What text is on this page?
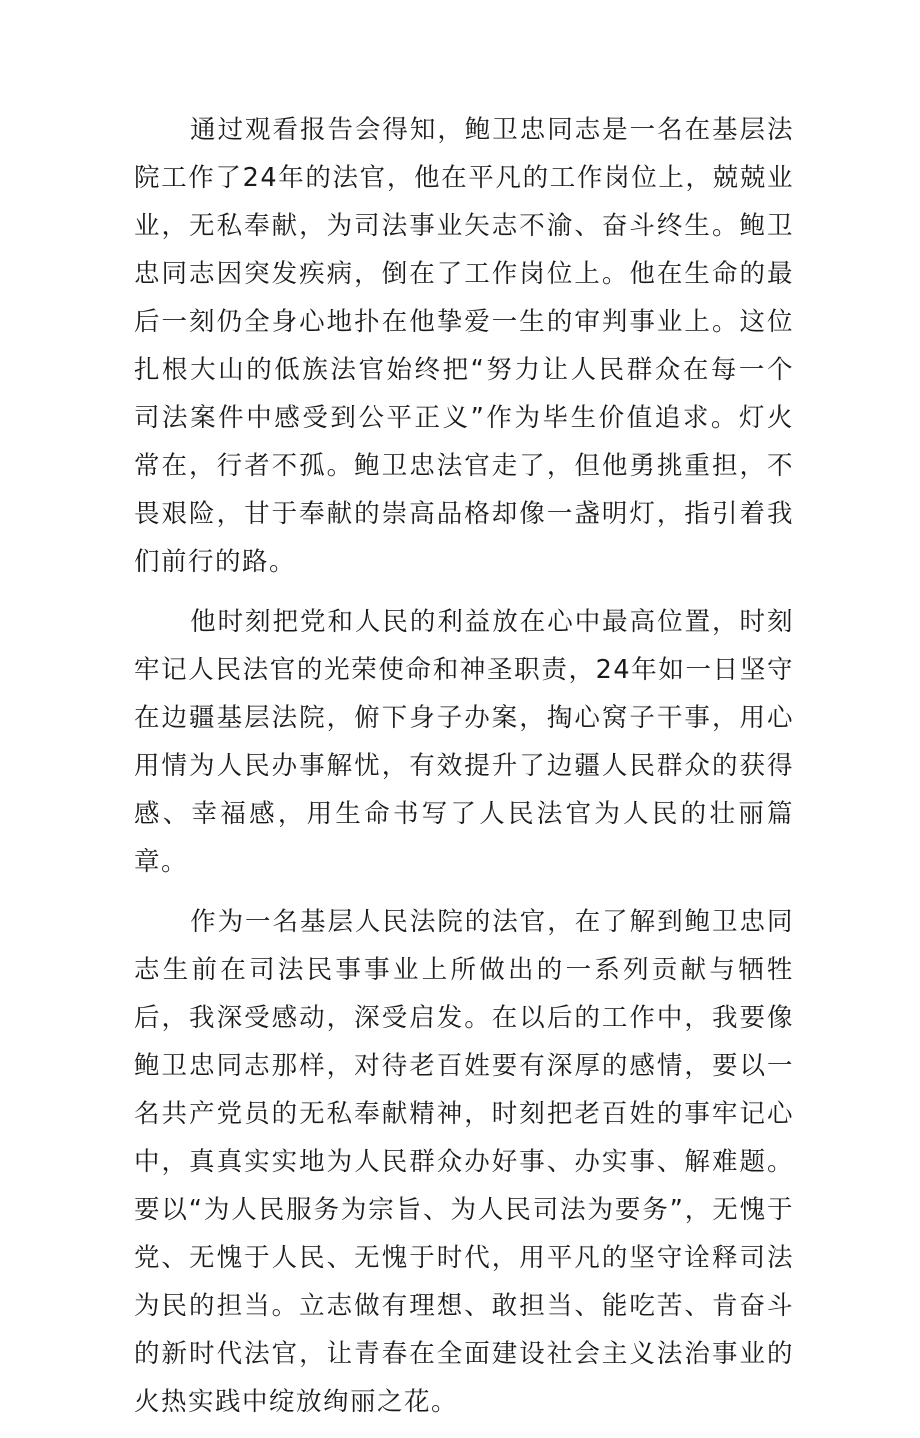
通过观看报告会得知，鲍卫忠同志是一名在基层法院工作了24年的法官，他在平凡的工作岗位上，兢兢业业，无私奉献，为司法事业矢志不渝、奋斗终生。鲍卫忠同志因突发疾病，倒在了工作岗位上。他在生命的最后一刻仍全身心地扑在他挚爱一生的审判事业上。这位扎根大山的低族法官始终把“努力让人民群众在每一个司法案件中感受到公平正义”作为毕生价值追求。灯火常在，行者不孤。鲍卫忠法官走了，但他勇挑重担，不畏艰险，甘于奉献的崇高品格却像一盏明灯，指引着我们前行的路。

他时刻把党和人民的利益放在心中最高位置，时刻牢记人民法官的光荣使命和神圣职责，24年如一日坚守在边疆基层法院，俯下身子办案，掏心窝子干事，用心用情为人民办事解忧，有效提升了边疆人民群众的获得感、幸福感，用生命书写了人民法官为人民的壮丽篇章。

作为一名基层人民法院的法官，在了解到鲍卫忠同志生前在司法民事事业上所做出的一系列贡献与牺牲后，我深受感动，深受启发。在以后的工作中，我要像鲍卫忠同志那样，对待老百姓要有深厚的感情，要以一名共产党员的无私奉献精神，时刻把老百姓的事牢记心中，真真实实地为人民群众办好事、办实事、解难题。要以“为人民服务为宗旨、为人民司法为要务”，无愧于党、无愧于人民、无愧于时代，用平凡的坚守诠释司法为民的担当。立志做有理想、敢担当、能吃苦、肯奋斗的新时代法官，让青春在全面建设社会主义法治事业的火热实践中绽放绚丽之花。
